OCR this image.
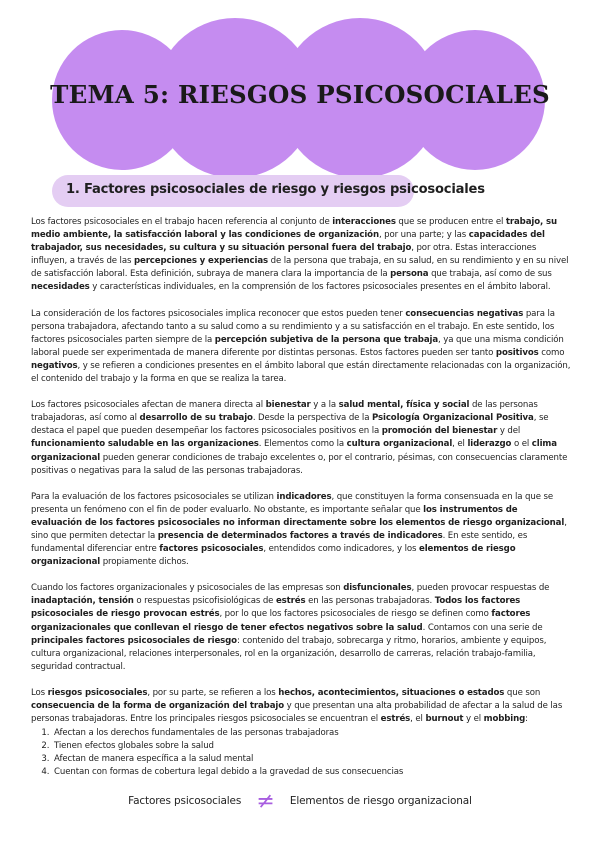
TEMA 5: RIESGOS PSICOSOCIALES
1. Factores psicosociales de riesgo y riesgos psicosociales

Los factores psicosociales en el trabajo hacen referencia al conjunto de interacciones que se producen entre el trabajo, su medio ambiente, la satisfacción laboral y las condiciones de organización, por una parte; y las capacidades del trabajador, sus necesidades, su cultura y su situación personal fuera del trabajo, por otra. Estas interacciones influyen, a través de las percepciones y experiencias de la persona que trabaja, en su salud, en su rendimiento y en su nivel de satisfacción laboral. Esta definición, subraya de manera clara la importancia de la persona que trabaja, así como de sus necesidades y características individuales, en la comprensión de los factores psicosociales presentes en el ámbito laboral.

La consideración de los factores psicosociales implica reconocer que estos pueden tener consecuencias negativas para la persona trabajadora, afectando tanto a su salud como a su rendimiento y a su satisfacción en el trabajo. En este sentido, los factores psicosociales parten siempre de la percepción subjetiva de la persona que trabaja, ya que una misma condición laboral puede ser experimentada de manera diferente por distintas personas. Estos factores pueden ser tanto positivos como negativos, y se refieren a condiciones presentes en el ámbito laboral que están directamente relacionadas con la organización, el contenido del trabajo y la forma en que se realiza la tarea.

Los factores psicosociales afectan de manera directa al bienestar y a la salud mental, física y social de las personas trabajadoras, así como al desarrollo de su trabajo. Desde la perspectiva de la Psicología Organizacional Positiva, se destaca el papel que pueden desempeñar los factores psicosociales positivos en la promoción del bienestar y del funcionamiento saludable en las organizaciones. Elementos como la cultura organizacional, el liderazgo o el clima organizacional pueden generar condiciones de trabajo excelentes o, por el contrario, pésimas, con consecuencias claramente positivas o negativas para la salud de las personas trabajadoras.

Para la evaluación de los factores psicosociales se utilizan indicadores, que constituyen la forma consensuada en la que se presenta un fenómeno con el fin de poder evaluarlo. No obstante, es importante señalar que los instrumentos de evaluación de los factores psicosociales no informan directamente sobre los elementos de riesgo organizacional, sino que permiten detectar la presencia de determinados factores a través de indicadores. En este sentido, es fundamental diferenciar entre factores psicosociales, entendidos como indicadores, y los elementos de riesgo organizacional propiamente dichos.

Cuando los factores organizacionales y psicosociales de las empresas son disfuncionales, pueden provocar respuestas de inadaptación, tensión o respuestas psicofisiológicas de estrés en las personas trabajadoras. Todos los factores psicosociales de riesgo provocan estrés, por lo que los factores psicosociales de riesgo se definen como factores organizacionales que conllevan el riesgo de tener efectos negativos sobre la salud. Contamos con una serie de principales factores psicosociales de riesgo: contenido del trabajo, sobrecarga y ritmo, horarios, ambiente y equipos, cultura organizacional, relaciones interpersonales, rol en la organización, desarrollo de carreras, relación trabajo-familia, seguridad contractual.

Los riesgos psicosociales, por su parte, se refieren a los hechos, acontecimientos, situaciones o estados que son consecuencia de la forma de organización del trabajo y que presentan una alta probabilidad de afectar a la salud de las personas trabajadoras. Entre los principales riesgos psicosociales se encuentran el estrés, el burnout y el mobbing:

1. Afectan a los derechos fundamentales de las personas trabajadoras
2. Tienen efectos globales sobre la salud
3. Afectan de manera específica a la salud mental
4. Cuentan con formas de cobertura legal debido a la gravedad de sus consecuencias
Factores psicosociales ≠ Elementos de riesgo organizacional
